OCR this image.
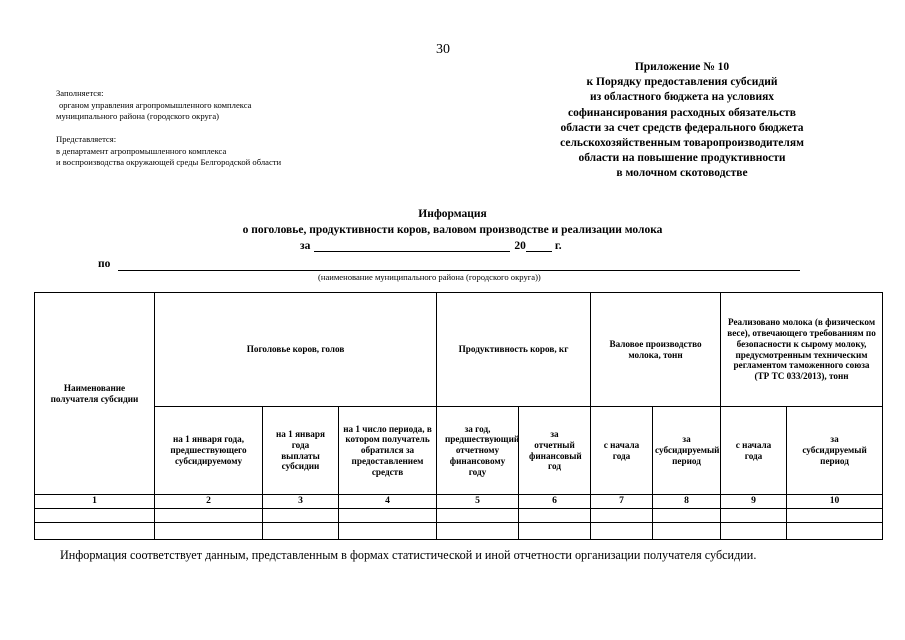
30
Приложение № 10
к Порядку предоставления субсидий
из областного бюджета на условиях
софинансирования расходных обязательств
области за счет средств федерального бюджета
сельскохозяйственным товаропроизводителям
области на повышение продуктивности
в молочном скотоводстве
Заполняется:
органом управления агропромышленного комплекса
муниципального района (городского округа)
Представляется:
в департамент агропромышленного комплекса
и воспроизводства окружающей среды Белгородской области
Информация
о поголовье, продуктивности коров, валовом производстве и реализации молока
за	20	г.
по
(наименование муниципального района (городского округа))
Наименование получателя субсидии	Поголовье коров, голов			Продуктивность коров, кг		Валовое производство молока, тонн		Реализовано молока (в физическом весе), отвечающего требованиям по безопасности к сырому молоку, предусмотренным техническим регламентом таможенного союза (ТР ТС 033/2013), тонн	
	на 1 января года, предшествующего субсидируемому	на 1 января года выплаты субсидии	на 1 число периода, в котором получатель обратился за предоставлением средств	за год, предшествующий отчетному финансовому году	за отчетный финансовый год	с начала года	за субсидируемый период	с начала года	за субсидируемый период
1	2	3	4	5	6	7	8	9	10

Информация соответствует данным, представленным в формах статистической и иной отчетности организации получателя субсидии.
